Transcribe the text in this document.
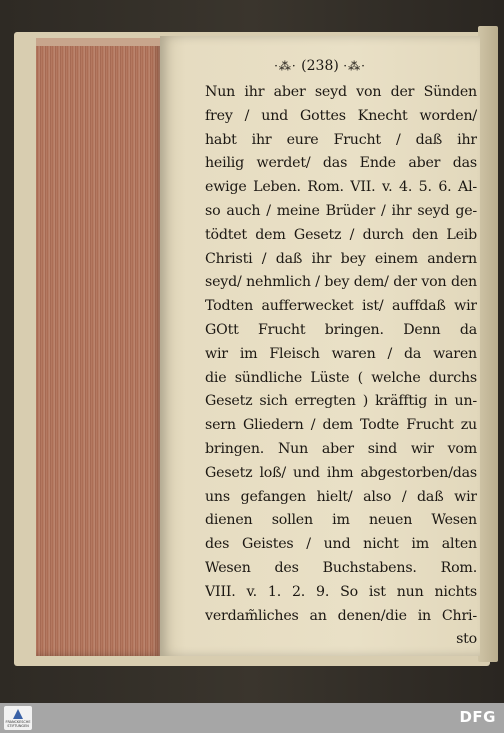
·⁂· (238) ·⁂·
Nun ihr aber seyd von der Sünden
frey / und Gottes Knecht worden/
habt ihr eure Frucht / daß ihr
heilig werdet/ das Ende aber das
ewige Leben. Rom. VII. v. 4. 5. 6. Al-
so auch / meine Brüder / ihr seyd ge-
tödtet dem Gesetz / durch den Leib
Christi / daß ihr bey einem andern
seyd/ nehmlich / bey dem/ der von den
Todten aufferwecket ist/ auffdaß wir
GOtt Frucht bringen. Denn da
wir im Fleisch waren / da waren
die sündliche Lüste ( welche durchs
Gesetz sich erregten ) kräfftig in un-
sern Gliedern / dem Todte Frucht zu
bringen. Nun aber sind wir vom
Gesetz loß/ und ihm abgestorben/das
uns gefangen hielt/ also / daß wir
dienen sollen im neuen Wesen
des Geistes / und nicht im alten
Wesen des Buchstabens. Rom.
VIII. v. 1. 2. 9. So ist nun nichts
verdam̃liches an denen/die in Chri-
sto
FRANCKESCHE STIFTUNGEN	DFG
